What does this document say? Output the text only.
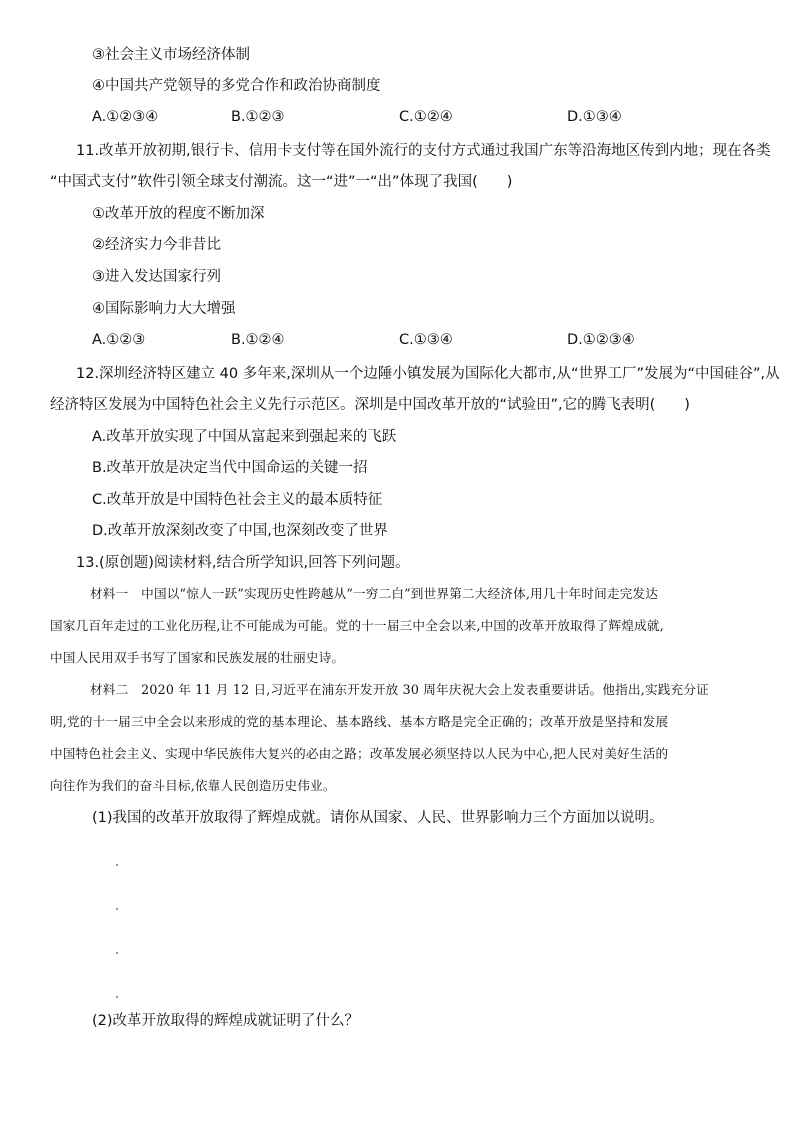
③社会主义市场经济体制
④中国共产党领导的多党合作和政治协商制度
A.①②③④	B.①②③	C.①②④	D.①③④
11.改革开放初期,银行卡、信用卡支付等在国外流行的支付方式通过我国广东等沿海地区传到内地；现在各类
“中国式支付”软件引领全球支付潮流。这一“进”一“出”体现了我国(　　)
①改革开放的程度不断加深
②经济实力今非昔比
③进入发达国家行列
④国际影响力大大增强
A.①②③	B.①②④	C.①③④	D.①②③④
12.深圳经济特区建立 40 多年来,深圳从一个边陲小镇发展为国际化大都市,从“世界工厂”发展为“中国硅谷”,从
经济特区发展为中国特色社会主义先行示范区。深圳是中国改革开放的“试验田”,它的腾飞表明(　　)
A.改革开放实现了中国从富起来到强起来的飞跃
B.改革开放是决定当代中国命运的关键一招
C.改革开放是中国特色社会主义的最本质特征
D.改革开放深刻改变了中国,也深刻改变了世界
13.(原创题)阅读材料,结合所学知识,回答下列问题。
材料一　中国以“惊人一跃”实现历史性跨越从“一穷二白”到世界第二大经济体,用几十年时间走完发达
国家几百年走过的工业化历程,让不可能成为可能。党的十一届三中全会以来,中国的改革开放取得了辉煌成就,
中国人民用双手书写了国家和民族发展的壮丽史诗。
材料二　2020 年 11 月 12 日,习近平在浦东开发开放 30 周年庆祝大会上发表重要讲话。他指出,实践充分证
明,党的十一届三中全会以来形成的党的基本理论、基本路线、基本方略是完全正确的；改革开放是坚持和发展
中国特色社会主义、实现中华民族伟大复兴的必由之路；改革发展必须坚持以人民为中心,把人民对美好生活的
向往作为我们的奋斗目标,依靠人民创造历史伟业。
(1)我国的改革开放取得了辉煌成就。请你从国家、人民、世界影响力三个方面加以说明。
(2)改革开放取得的辉煌成就证明了什么？
